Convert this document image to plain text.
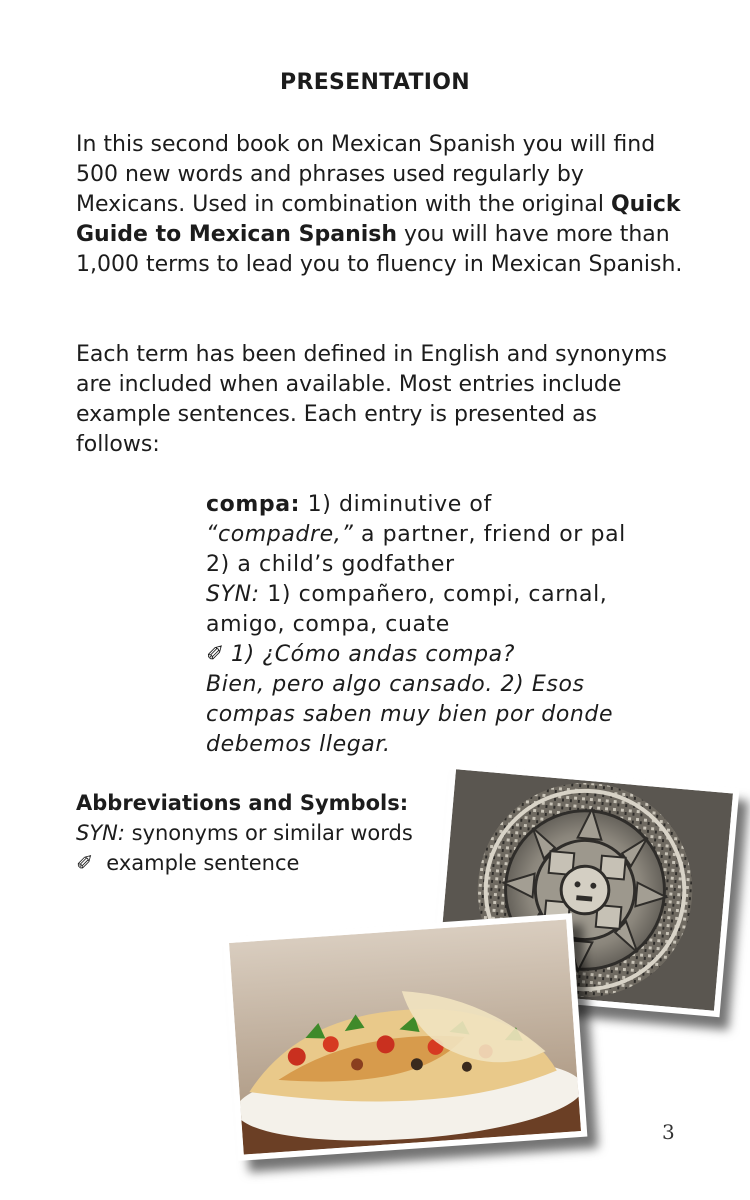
PRESENTATION

In this second book on Mexican Spanish you will find 500 new words and phrases used regularly by Mexicans. Used in combination with the original Quick Guide to Mexican Spanish you will have more than 1,000 terms to lead you to fluency in Mexican Spanish.

Each term has been defined in English and synonyms are included when available. Most entries include example sentences. Each entry is presented as follows:

compa: 1) diminutive of
“compadre,” a partner, friend or pal
2) a child’s godfather
SYN: 1) compañero, compi, carnal,
amigo, compa, cuate
✐ 1) ¿Cómo andas compa?
Bien, pero algo cansado. 2) Esos
compas saben muy bien por donde
debemos llegar.
Abbreviations and Symbols:
SYN: synonyms or similar words
✐ example sentence
3
